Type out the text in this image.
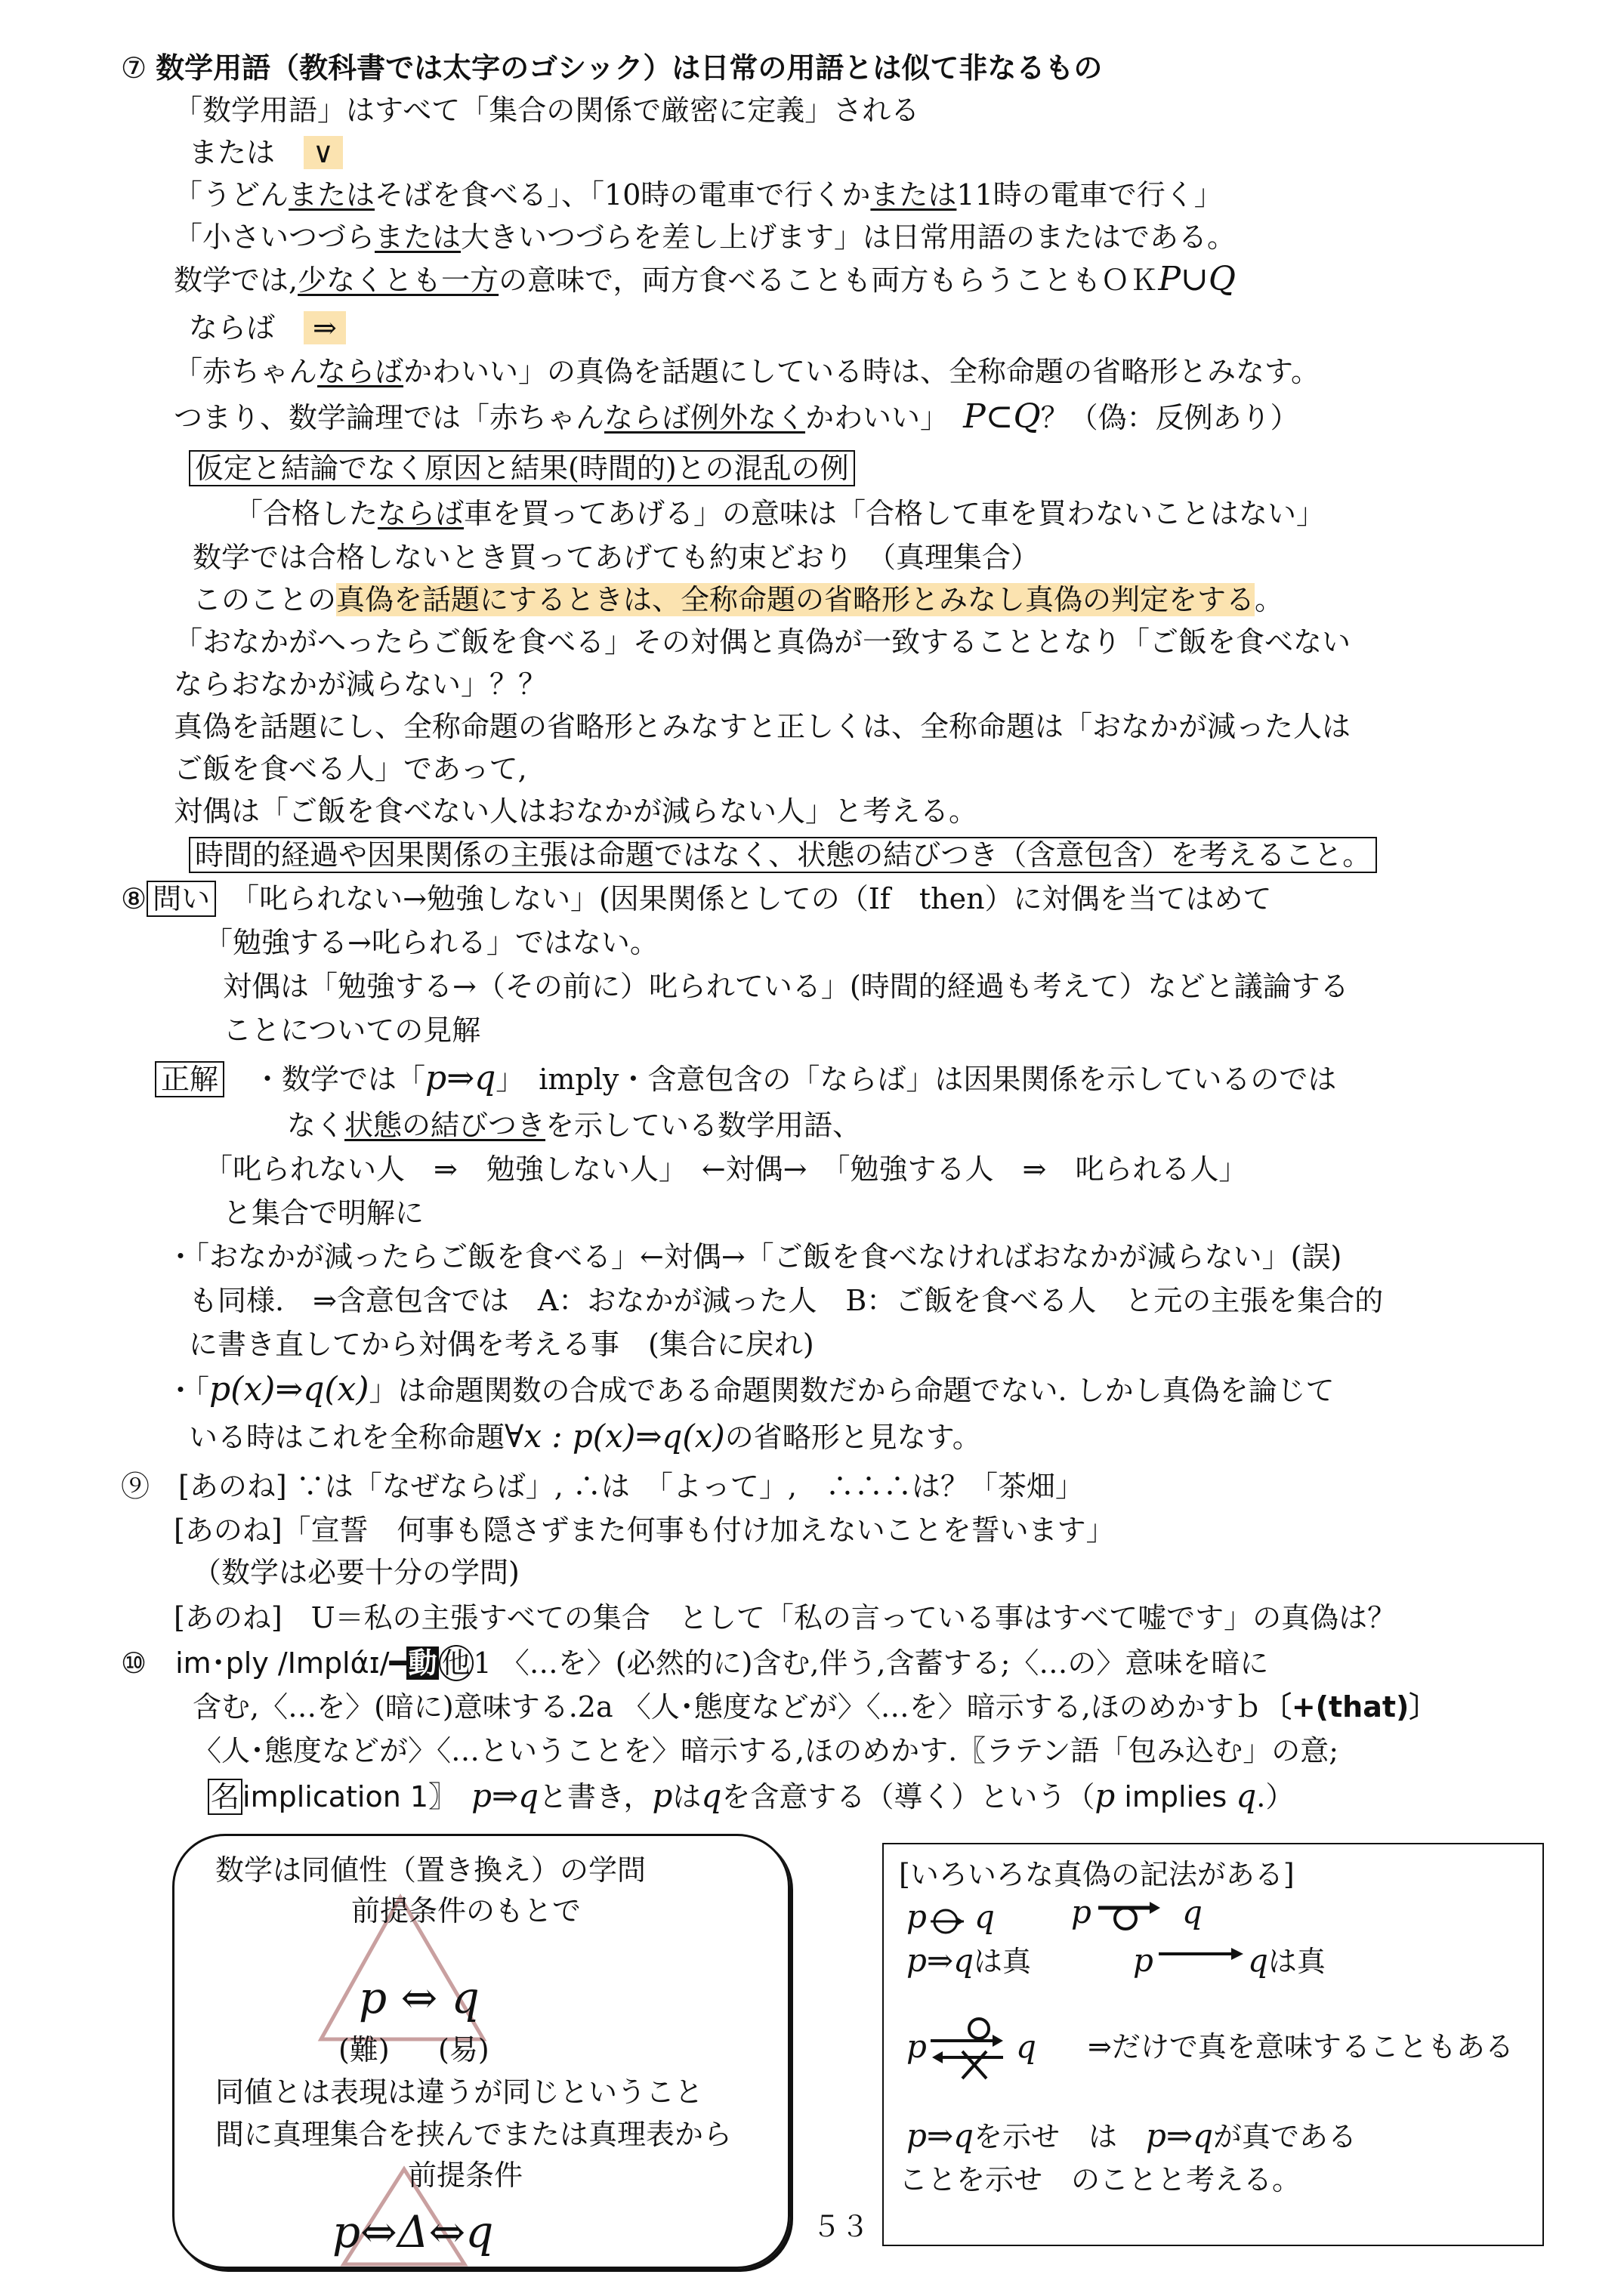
⑦ 数学用語（教科書では太字のゴシック）は日常の用語とは似て非なるもの
「数学用語」はすべて「集合の関係で厳密に定義」される
または　 ∨
「うどんまたはそばを食べる」、「10時の電車で行くかまたは11時の電車で行く」
「小さいつづらまたは大きいつづらを差し上げます」は日常用語のまたはである。
数学では,少なくとも一方の意味で，両方食べることも両方もらうこともＯＫP∪Q
ならば　 ⇒
「赤ちゃんならばかわいい」の真偽を話題にしている時は、全称命題の省略形とみなす。
つまり、数学論理では「赤ちゃんならば例外なくかわいい」　 P⊂Q？（偽：反例あり）
仮定と結論でなく原因と結果(時間的)との混乱の例
「合格したならば車を買ってあげる」の意味は「合格して車を買わないことはない」
数学では合格しないとき買ってあげても約束どおり　（真理集合）
このことの真偽を話題にするときは、全称命題の省略形とみなし真偽の判定をする。
「おなかがへったらご飯を食べる」その対偶と真偽が一致することとなり「ご飯を食べない
ならおなかが減らない」？？
真偽を話題にし、全称命題の省略形とみなすと正しくは、全称命題は「おなかが減った人は
ご飯を食べる人」であって,
対偶は「ご飯を食べない人はおなかが減らない人」と考える。
時間的経過や因果関係の主張は命題ではなく、状態の結びつき（含意包含）を考えること。
⑧ 問い　 「叱られない→勉強しない」(因果関係としての（If　then）に対偶を当てはめて
「勉強する→叱られる」ではない。
対偶は「勉強する→（その前に）叱られている」(時間的経過も考えて）などと議論する
ことについての見解
正解　 ・数学では「p⇒q」　imply・含意包含の「ならば」は因果関係を示しているのでは
なく状態の結びつきを示している数学用語、
「叱られない人　⇒　勉強しない人」　←対偶→　「勉強する人　⇒　叱られる人」
と集合で明解に
・「おなかが減ったらご飯を食べる」←対偶→「ご飯を食べなければおなかが減らない」(誤)
も同様.　⇒含意包含では　A：おなかが減った人　B：ご飯を食べる人　と元の主張を集合的
に書き直してから対偶を考える事　(集合に戻れ)
・「p(x)⇒q(x)」は命題関数の合成である命題関数だから命題でない. しかし真偽を論じて
いる時はこれを全称命題∀x : p(x)⇒q(x)の省略形と見なす。
⑨　 [あのね] ∵は「なぜならば」, ∴は　「よって」,　∴∴∴は？「茶畑」
[あのね]「宣誓　何事も隠さずまた何事も付け加えないことを誓います」
（数学は必要十分の学問)
[あのね]　U＝私の主張すべての集合　として「私の言っている事はすべて嘘です」の真偽は？
⑩　 im･ply /Implάɪ/━動 他 1 〈…を〉(必然的に)含む,伴う,含蓄する;〈…の〉意味を暗に
含む,〈…を〉(暗に)意味する.2a 〈人･態度などが〉〈…を〉暗示する,ほのめかすｂ〔+(that)〕
〈人･態度などが〉〈…ということを〉暗示する,ほのめかす.〖ラテン語「包み込む」の意;
名 implication 1〗　 p⇒qと書き，pはqを含意する（導く）という（p implies q.）
数学は同値性（置き換え）の学問
前提条件のもとで
p ⇔ q
(難) (易)
同値とは表現は違うが同じということ
間に真理集合を挟んでまたは真理表から
前提条件
p⇔Δ⇔q	５３
[いろいろな真偽の記法がある]
p q p	q
p⇒qは真	p	qは真
p	q ⇒だけで真を意味することもある
p⇒qを示せ　は　 p⇒qが真である
ことを示せ　のことと考える。
